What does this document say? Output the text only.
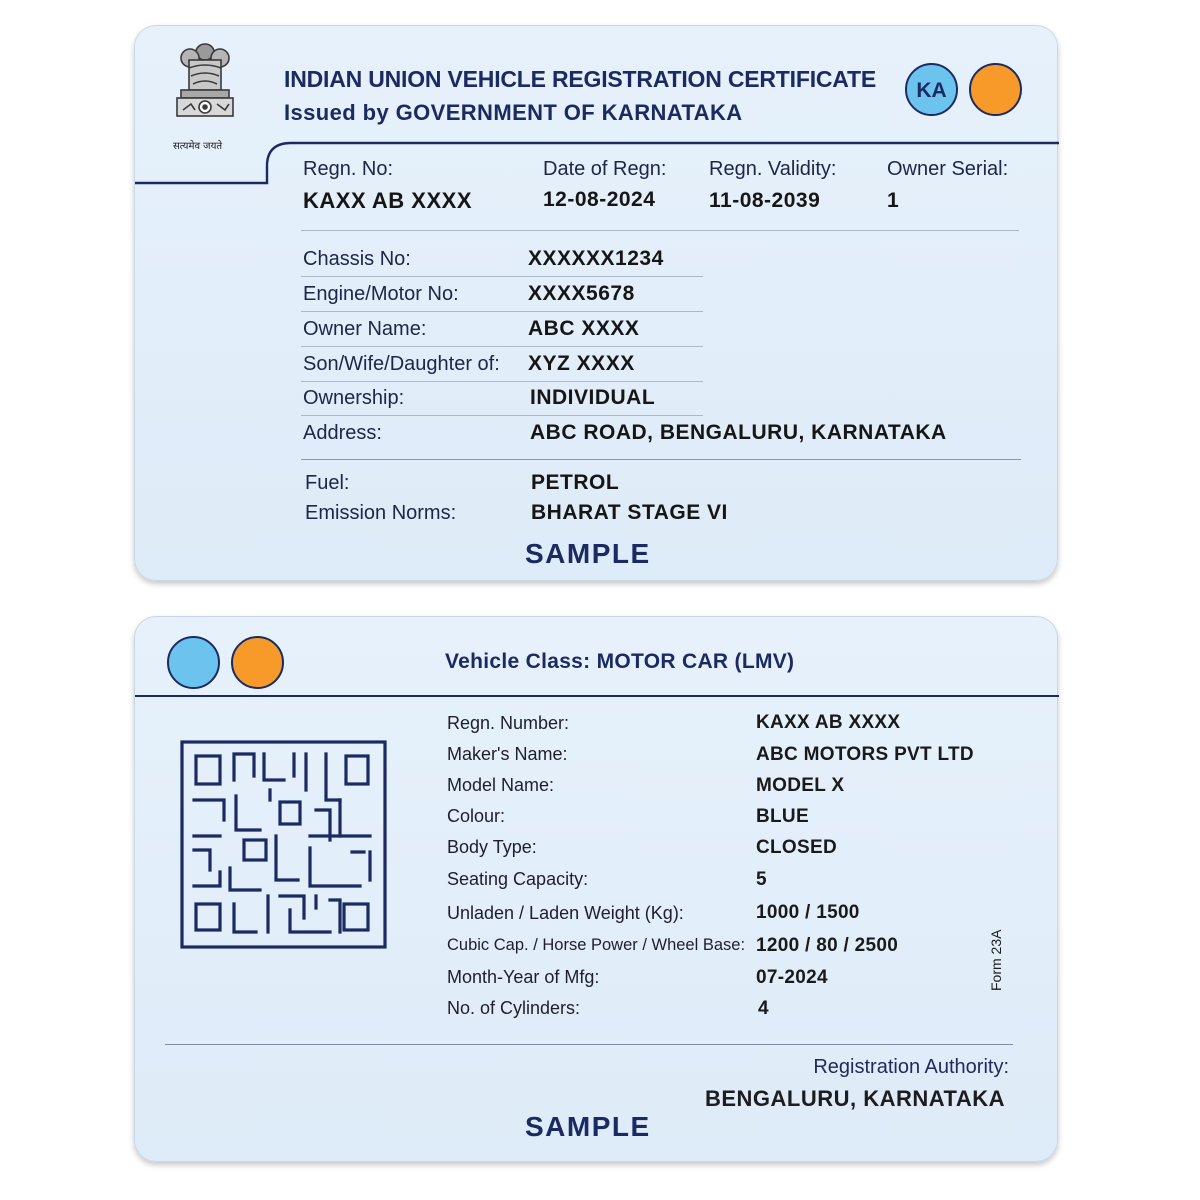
सत्यमेव जयते
INDIAN UNION VEHICLE REGISTRATION CERTIFICATE
Issued by GOVERNMENT OF KARNATAKA
KA
Regn. No:
KAXX AB XXXX
Date of Regn:
12-08-2024
Regn. Validity:
11-08-2039
Owner Serial:
1
Chassis No:	XXXXXX1234
Engine/Motor No:	XXXX5678
Owner Name:	ABC XXXX
Son/Wife/Daughter of: XYZ XXXX
Ownership:	INDIVIDUAL
Address:	ABC ROAD, BENGALURU, KARNATAKA
Fuel:	PETROL
Emission Norms:	BHARAT STAGE VI
SAMPLE
Vehicle Class: MOTOR CAR (LMV)
Regn. Number:	KAXX AB XXXX
Maker's Name:	ABC MOTORS PVT LTD
Model Name:	MODEL X
Colour:	BLUE
Body Type:	CLOSED
Seating Capacity:	5
Unladen / Laden Weight (Kg):	1000 / 1500
Cubic Cap. / Horse Power / Wheel Base: 1200 / 80 / 2500
Month-Year of Mfg:	07-2024
No. of Cylinders:	4
Form 23A
Registration Authority:
BENGALURU, KARNATAKA
SAMPLE
